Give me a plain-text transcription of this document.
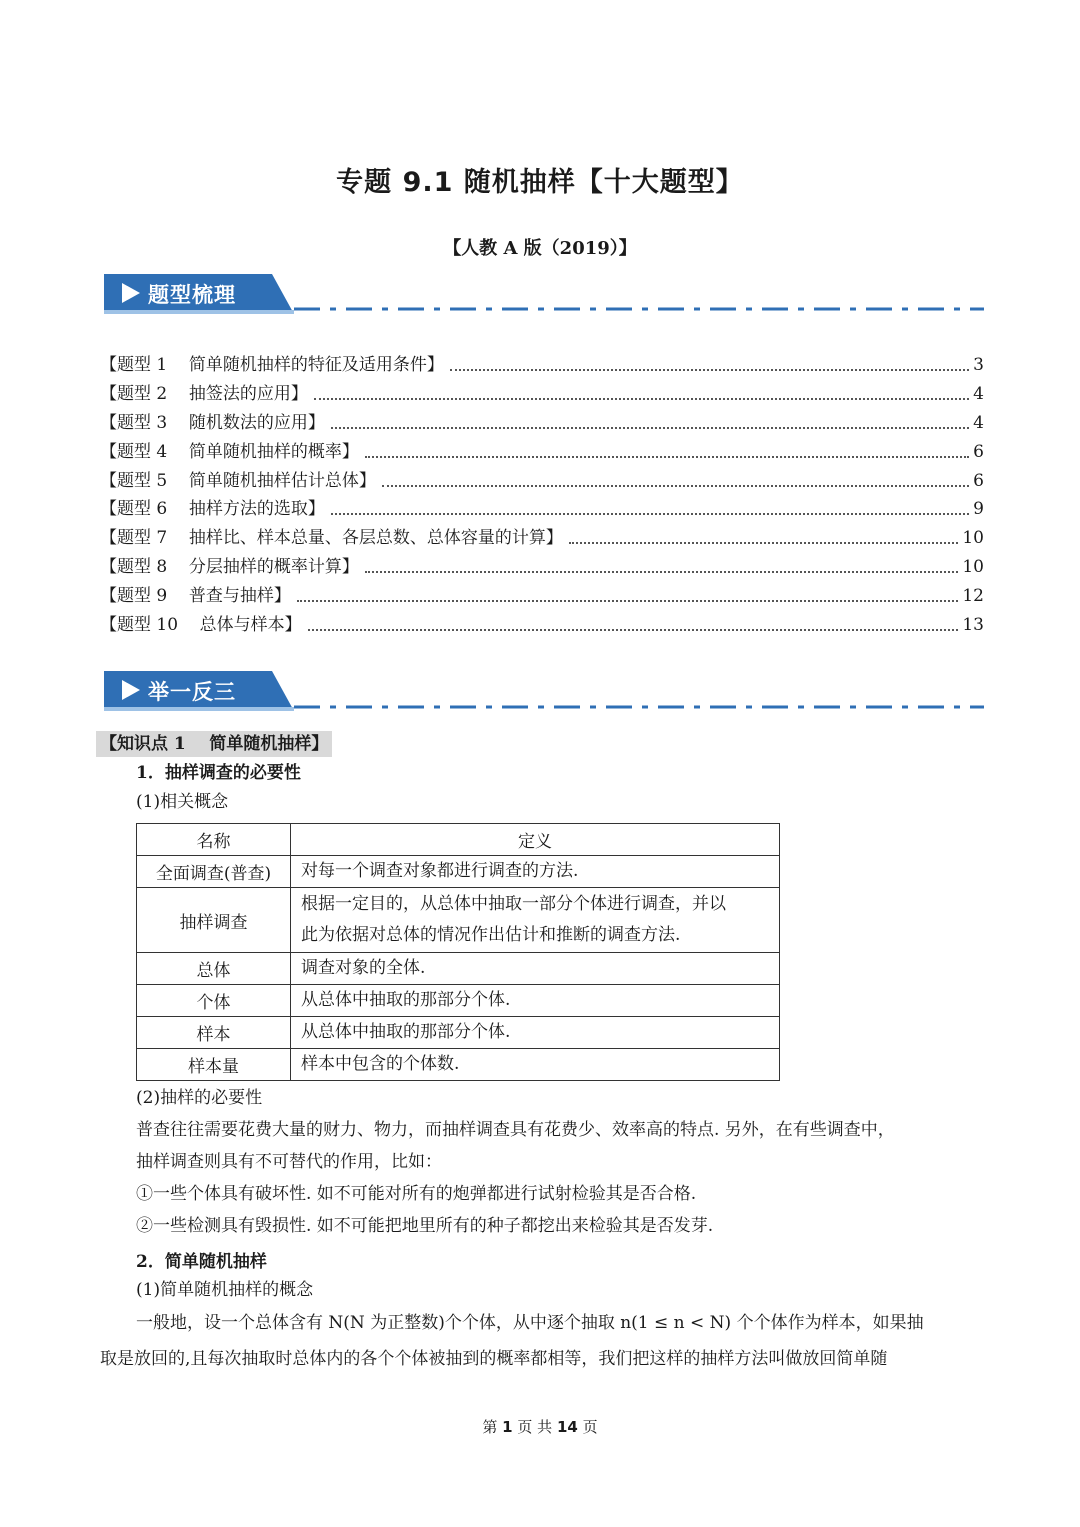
专题 9.1 随机抽样【十大题型】
【人教 A 版（2019）】
题型梳理
【题型 1    简单随机抽样的特征及适用条件】	3
【题型 2    抽签法的应用】	4
【题型 3    随机数法的应用】	4
【题型 4    简单随机抽样的概率】	6
【题型 5    简单随机抽样估计总体】	6
【题型 6    抽样方法的选取】	9
【题型 7    抽样比、样本总量、各层总数、总体容量的计算】	10
【题型 8    分层抽样的概率计算】	10
【题型 9    普查与抽样】	12
【题型 10    总体与样本】	13
举一反三
【知识点 1    简单随机抽样】
1．抽样调查的必要性
(1)相关概念
名称	定义
全面调查(普查)	对每一个调查对象都进行调查的方法.
抽样调查	根据一定目的，从总体中抽取一部分个体进行调查，并以
此为依据对总体的情况作出估计和推断的调查方法.

总体	调查对象的全体.
个体	从总体中抽取的那部分个体.
样本	从总体中抽取的那部分个体.
样本量	样本中包含的个体数.
(2)抽样的必要性
普查往往需要花费大量的财力、物力，而抽样调查具有花费少、效率高的特点. 另外，在有些调查中，
抽样调查则具有不可替代的作用，比如：
①一些个体具有破坏性. 如不可能对所有的炮弹都进行试射检验其是否合格.
②一些检测具有毁损性. 如不可能把地里所有的种子都挖出来检验其是否发芽.
2．简单随机抽样
(1)简单随机抽样的概念
一般地，设一个总体含有 N(N 为正整数)个个体，从中逐个抽取 n(1 ≤ n < N) 个个体作为样本，如果抽
取是放回的,且每次抽取时总体内的各个个体被抽到的概率都相等，我们把这样的抽样方法叫做放回简单随
第 1 页 共 14 页
